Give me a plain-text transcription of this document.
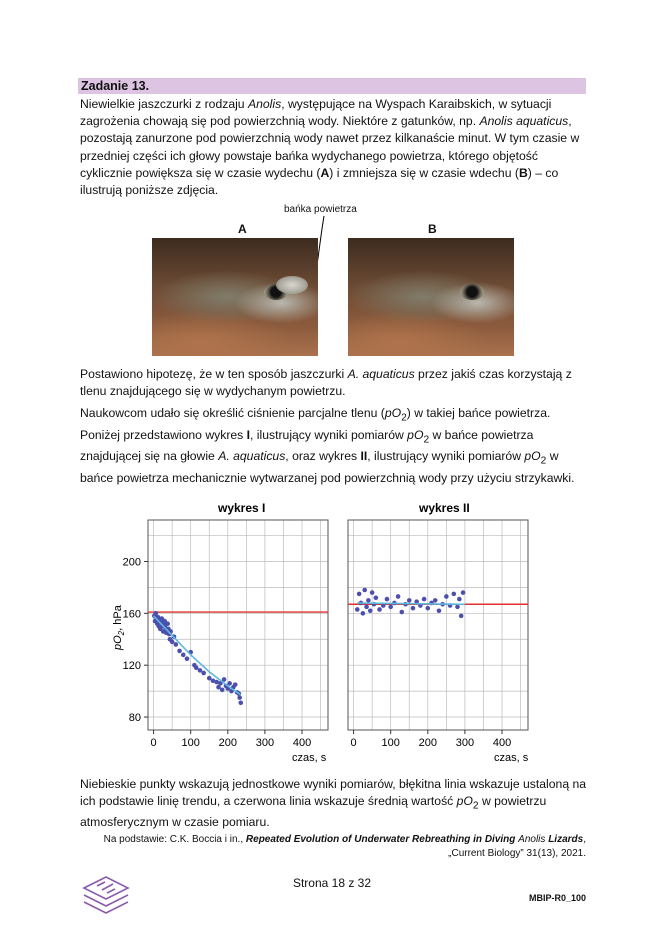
Zadanie 13.

Niewielkie jaszczurki z rodzaju Anolis, występujące na Wyspach Karaibskich, w sytuacji zagrożenia chowają się pod powierzchnią wody. Niektóre z gatunków, np. Anolis aquaticus, pozostają zanurzone pod powierzchnią wody nawet przez kilkanaście minut. W tym czasie w przedniej części ich głowy powstaje bańka wydychanego powietrza, którego objętość cyklicznie powiększa się w czasie wydechu (A) i zmniejsza się w czasie wdechu (B) – co ilustrują poniższe zdjęcia.

bańka powietrza
A	B

Postawiono hipotezę, że w ten sposób jaszczurki A. aquaticus przez jakiś czas korzystają z tlenu znajdującego się w wydychanym powietrzu.

Naukowcom udało się określić ciśnienie parcjalne tlenu $(pO_2)$ w takiej bańce powietrza. Poniżej przedstawiono wykres I, ilustrujący wyniki pomiarów $pO_2$ w bańce powietrza znajdującej się na głowie A. aquaticus, oraz wykres II, ilustrujący wyniki pomiarów $pO_2$ w bańce powietrza mechanicznie wytwarzanej pod powierzchnią wody przy użyciu strzykawki.

0 100 200 300 400
80
120
160
200
0 100 200 300 400
wykres I	wykres II
czas, s	czas, s
$pO_2$, hPa

Niebieskie punkty wskazują jednostkowe wyniki pomiarów, błękitna linia wskazuje ustaloną na ich podstawie linię trendu, a czerwona linia wskazuje średnią wartość $pO_2$ w powietrzu atmosferycznym w czasie pomiaru.

Na podstawie: C.K. Boccia i in., Repeated Evolution of Underwater Rebreathing in Diving Anolis Lizards, „Current Biology” 31(13), 2021.
Strona 18 z 32
MBIP-R0_100
